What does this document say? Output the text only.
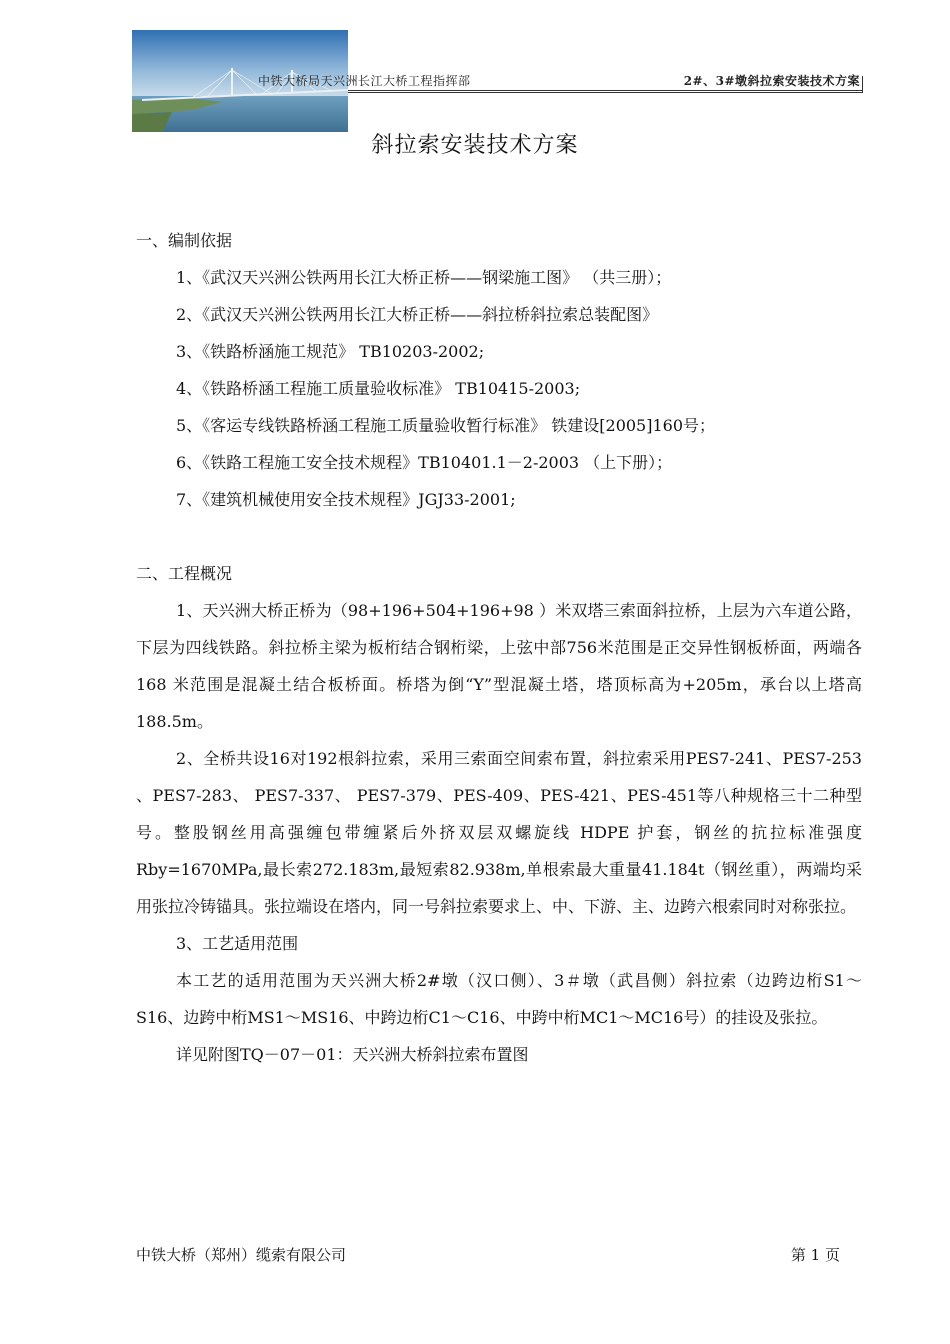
中铁大桥局天兴洲长江大桥工程指挥部	2#、3#墩斜拉索安装技术方案
斜拉索安装技术方案
一、编制依据
1、《武汉天兴洲公铁两用长江大桥正桥——钢梁施工图》 （共三册）；
2、《武汉天兴洲公铁两用长江大桥正桥——斜拉桥斜拉索总装配图》
3、《铁路桥涵施工规范》 TB10203-2002;
4、《铁路桥涵工程施工质量验收标准》 TB10415-2003;
5、《客运专线铁路桥涵工程施工质量验收暂行标准》 铁建设[2005]160号；
6、《铁路工程施工安全技术规程》TB10401.1－2-2003 （上下册）；
7、《建筑机械使用安全技术规程》JGJ33-2001;
二、工程概况

1、天兴洲大桥正桥为（98+196+504+196+98 ）米双塔三索面斜拉桥，上层为六车道公路，下层为四线铁路。斜拉桥主梁为板桁结合钢桁梁，上弦中部756米范围是正交异性钢板桥面，两端各 168 米范围是混凝土结合板桥面。桥塔为倒“Y”型混凝土塔，塔顶标高为+205m，承台以上塔高 188.5m。

2、全桥共设16对192根斜拉索，采用三索面空间索布置，斜拉索采用PES7-241、PES7-253 、PES7-283、 PES7-337、 PES7-379、PES-409、PES-421、PES-451等八种规格三十二种型号。整股钢丝用高强缠包带缠紧后外挤双层双螺旋线 HDPE 护套，钢丝的抗拉标准强度Rby=1670MPa,最长索272.183m,最短索82.938m,单根索最大重量41.184t（钢丝重），两端均采用张拉冷铸锚具。张拉端设在塔内，同一号斜拉索要求上、中、下游、主、边跨六根索同时对称张拉。

3、工艺适用范围

本工艺的适用范围为天兴洲大桥2#墩（汉口侧）、3＃墩（武昌侧）斜拉索（边跨边桁S1～S16、边跨中桁MS1～MS16、中跨边桁C1～C16、中跨中桁MC1～MC16号）的挂设及张拉。

详见附图TQ－07－01：天兴洲大桥斜拉索布置图
中铁大桥（郑州）缆索有限公司	第 1 页
